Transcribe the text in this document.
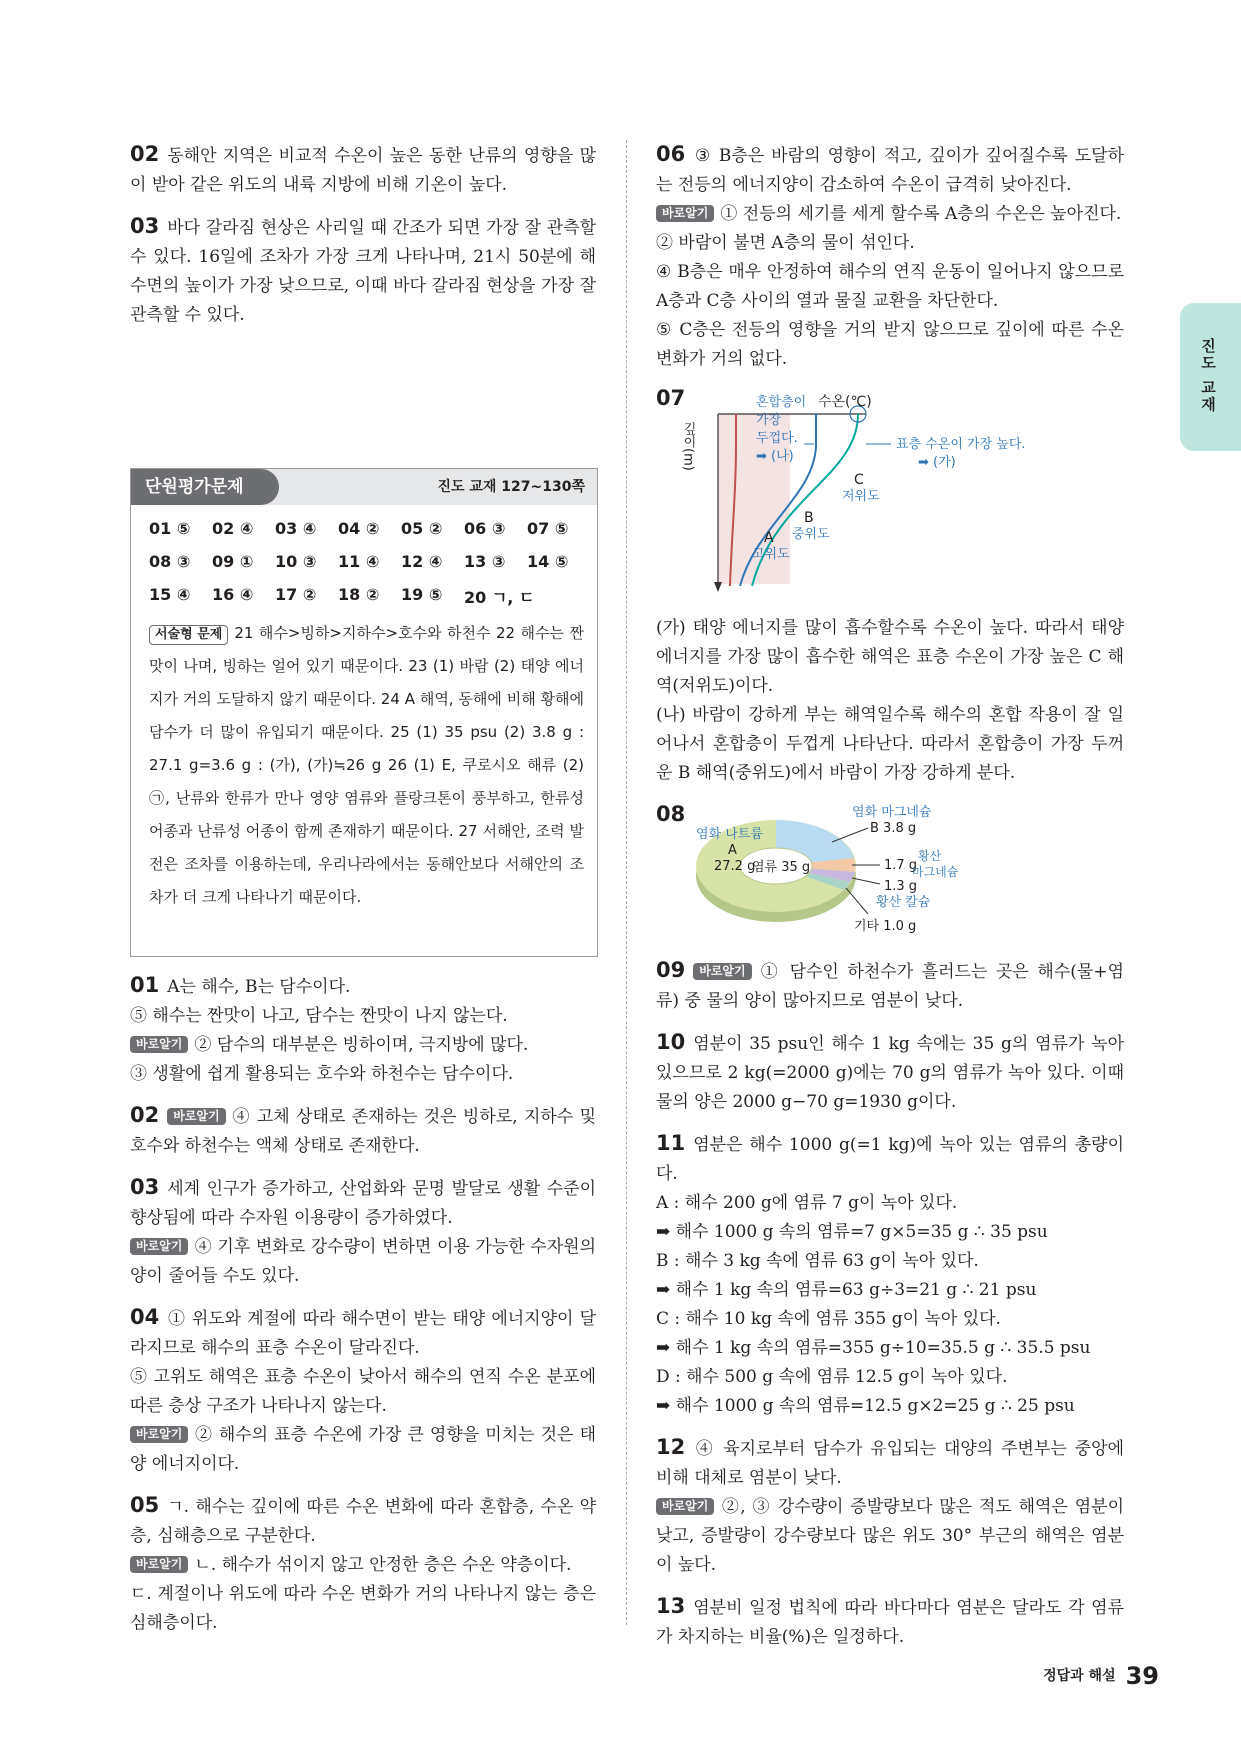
진도 교재

02 동해안 지역은 비교적 수온이 높은 동한 난류의 영향을 많이 받아 같은 위도의 내륙 지방에 비해 기온이 높다.

03 바다 갈라짐 현상은 사리일 때 간조가 되면 가장 잘 관측할 수 있다. 16일에 조차가 가장 크게 나타나며, 21시 50분에 해수면의 높이가 가장 낮으므로, 이때 바다 갈라짐 현상을 가장 잘 관측할 수 있다.

단원평가문제	진도 교재 127~130쪽
01 ⑤	02 ④	03 ④	04 ②	05 ②	06 ③	07 ⑤
08 ③	09 ①	10 ③	11 ④	12 ④	13 ③	14 ⑤
15 ④	16 ④	17 ②	18 ②	19 ⑤	20 ㄱ, ㄷ
서술형 문제 21 해수>빙하>지하수>호수와 하천수 22 해수는 짠맛이 나며, 빙하는 얼어 있기 때문이다. 23 (1) 바람 (2) 태양 에너지가 거의 도달하지 않기 때문이다. 24 A 해역, 동해에 비해 황해에 담수가 더 많이 유입되기 때문이다. 25 (1) 35 psu (2) 3.8 g : 27.1 g=3.6 g : (가), (가)≒26 g 26 (1) E, 쿠로시오 해류 (2) ㉠, 난류와 한류가 만나 영양 염류와 플랑크톤이 풍부하고, 한류성 어종과 난류성 어종이 함께 존재하기 때문이다. 27 서해안, 조력 발전은 조차를 이용하는데, 우리나라에서는 동해안보다 서해안의 조차가 더 크게 나타나기 때문이다.

01 A는 해수, B는 담수이다.

⑤ 해수는 짠맛이 나고, 담수는 짠맛이 나지 않는다.

바로알기 ② 담수의 대부분은 빙하이며, 극지방에 많다.

③ 생활에 쉽게 활용되는 호수와 하천수는 담수이다.

02 바로알기 ④ 고체 상태로 존재하는 것은 빙하로, 지하수 및 호수와 하천수는 액체 상태로 존재한다.

03 세계 인구가 증가하고, 산업화와 문명 발달로 생활 수준이 향상됨에 따라 수자원 이용량이 증가하였다.

바로알기 ④ 기후 변화로 강수량이 변하면 이용 가능한 수자원의 양이 줄어들 수도 있다.

04 ① 위도와 계절에 따라 해수면이 받는 태양 에너지양이 달라지므로 해수의 표층 수온이 달라진다.

⑤ 고위도 해역은 표층 수온이 낮아서 해수의 연직 수온 분포에 따른 층상 구조가 나타나지 않는다.

바로알기 ② 해수의 표층 수온에 가장 큰 영향을 미치는 것은 태양 에너지이다.

05 ㄱ. 해수는 깊이에 따른 수온 변화에 따라 혼합층, 수온 약층, 심해층으로 구분한다.

바로알기 ㄴ. 해수가 섞이지 않고 안정한 층은 수온 약층이다.

ㄷ. 계절이나 위도에 따라 수온 변화가 거의 나타나지 않는 층은 심해층이다.

06 ③ B층은 바람의 영향이 적고, 깊이가 깊어질수록 도달하는 전등의 에너지양이 감소하여 수온이 급격히 낮아진다.

바로알기 ① 전등의 세기를 세게 할수록 A층의 수온은 높아진다.

② 바람이 불면 A층의 물이 섞인다.

④ B층은 매우 안정하여 해수의 연직 운동이 일어나지 않으므로 A층과 C층 사이의 열과 물질 교환을 차단한다.

⑤ C층은 전등의 영향을 거의 받지 않으므로 깊이에 따른 수온 변화가 거의 없다.

07
깊이(m)
수온(℃)
혼합층이
가장
두껍다.
➡ (나)
표층 수온이 가장 높다.
➡ (가)
C
저위도
B
중위도
A
고위도

(가) 태양 에너지를 많이 흡수할수록 수온이 높다. 따라서 태양 에너지를 가장 많이 흡수한 해역은 표층 수온이 가장 높은 C 해역(저위도)이다.

(나) 바람이 강하게 부는 해역일수록 해수의 혼합 작용이 잘 일어나서 혼합층이 두껍게 나타난다. 따라서 혼합층이 가장 두꺼운 B 해역(중위도)에서 바람이 가장 강하게 분다.

08
염류 35 g
염화 나트륨
A
27.2 g
염화 마그네슘
B 3.8 g
1.7 g
황산
마그네슘
1.3 g
황산 칼슘
기타 1.0 g

09 바로알기 ① 담수인 하천수가 흘러드는 곳은 해수(물+염류) 중 물의 양이 많아지므로 염분이 낮다.

10 염분이 35 psu인 해수 1 kg 속에는 35 g의 염류가 녹아 있으므로 2 kg(=2000 g)에는 70 g의 염류가 녹아 있다. 이때 물의 양은 2000 g−70 g=1930 g이다.

11 염분은 해수 1000 g(=1 kg)에 녹아 있는 염류의 총량이다.

A : 해수 200 g에 염류 7 g이 녹아 있다.

➡ 해수 1000 g 속의 염류=7 g×5=35 g ∴ 35 psu

B : 해수 3 kg 속에 염류 63 g이 녹아 있다.

➡ 해수 1 kg 속의 염류=63 g÷3=21 g ∴ 21 psu

C : 해수 10 kg 속에 염류 355 g이 녹아 있다.

➡ 해수 1 kg 속의 염류=355 g÷10=35.5 g ∴ 35.5 psu

D : 해수 500 g 속에 염류 12.5 g이 녹아 있다.

➡ 해수 1000 g 속의 염류=12.5 g×2=25 g ∴ 25 psu

12 ④ 육지로부터 담수가 유입되는 대양의 주변부는 중앙에 비해 대체로 염분이 낮다.

바로알기 ②, ③ 강수량이 증발량보다 많은 적도 해역은 염분이 낮고, 증발량이 강수량보다 많은 위도 30° 부근의 해역은 염분이 높다.

13 염분비 일정 법칙에 따라 바다마다 염분은 달라도 각 염류가 차지하는 비율(%)은 일정하다.

정답과 해설 39
